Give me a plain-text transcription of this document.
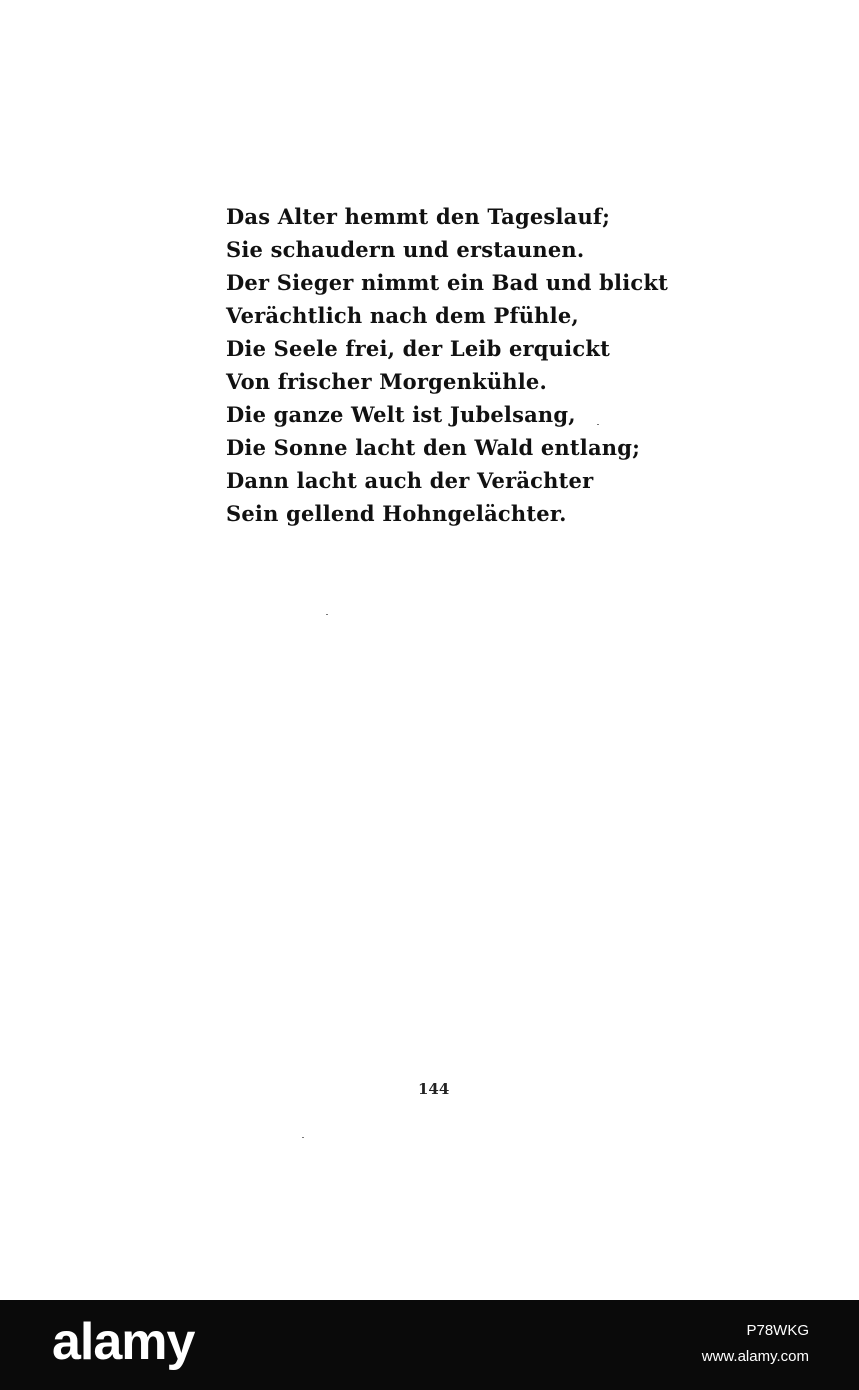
Das Alter hemmt den Tageslauf;
Sie schaudern und erstaunen.
Der Sieger nimmt ein Bad und blickt
Verächtlich nach dem Pfühle,
Die Seele frei, der Leib erquickt
Von frischer Morgenkühle.
Die ganze Welt ist Jubelsang,
Die Sonne lacht den Wald entlang;
Dann lacht auch der Verächter
Sein gellend Hohngelächter.
144
alamy	P78WKG
www.alamy.com
